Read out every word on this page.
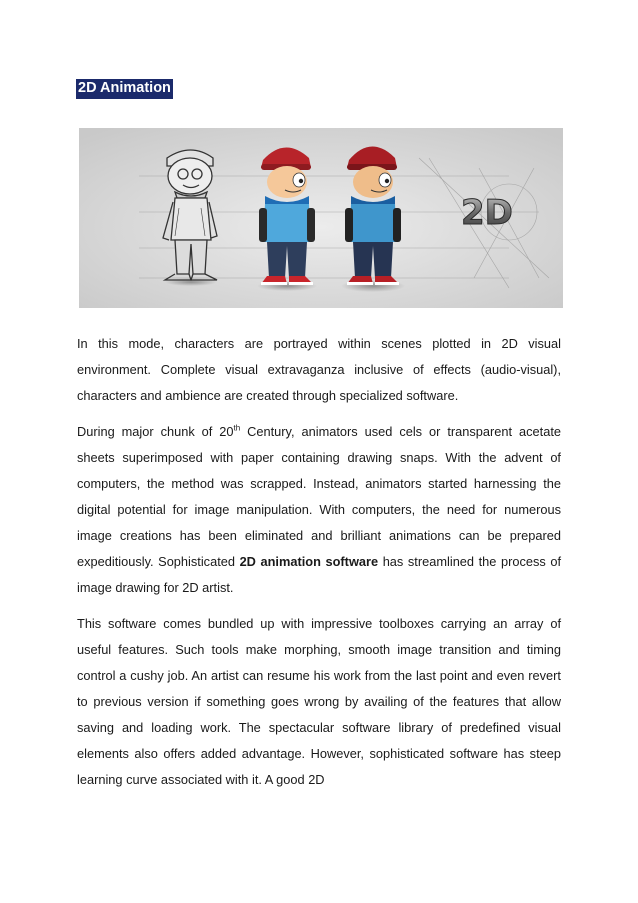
2D Animation
2D

In this mode, characters are portrayed within scenes plotted in 2D visual environment. Complete visual extravaganza inclusive of effects (audio-visual), characters and ambience are created through specialized software.

During major chunk of 20th Century, animators used cels or transparent acetate sheets superimposed with paper containing drawing snaps. With the advent of computers, the method was scrapped. Instead, animators started harnessing the digital potential for image manipulation. With computers, the need for numerous image creations has been eliminated and brilliant animations can be prepared expeditiously. Sophisticated 2D animation software has streamlined the process of image drawing for 2D artist.

This software comes bundled up with impressive toolboxes carrying an array of useful features. Such tools make morphing, smooth image transition and timing control a cushy job. An artist can resume his work from the last point and even revert to previous version if something goes wrong by availing of the features that allow saving and loading work. The spectacular software library of predefined visual elements also offers added advantage. However, sophisticated software has steep learning curve associated with it. A good 2D
